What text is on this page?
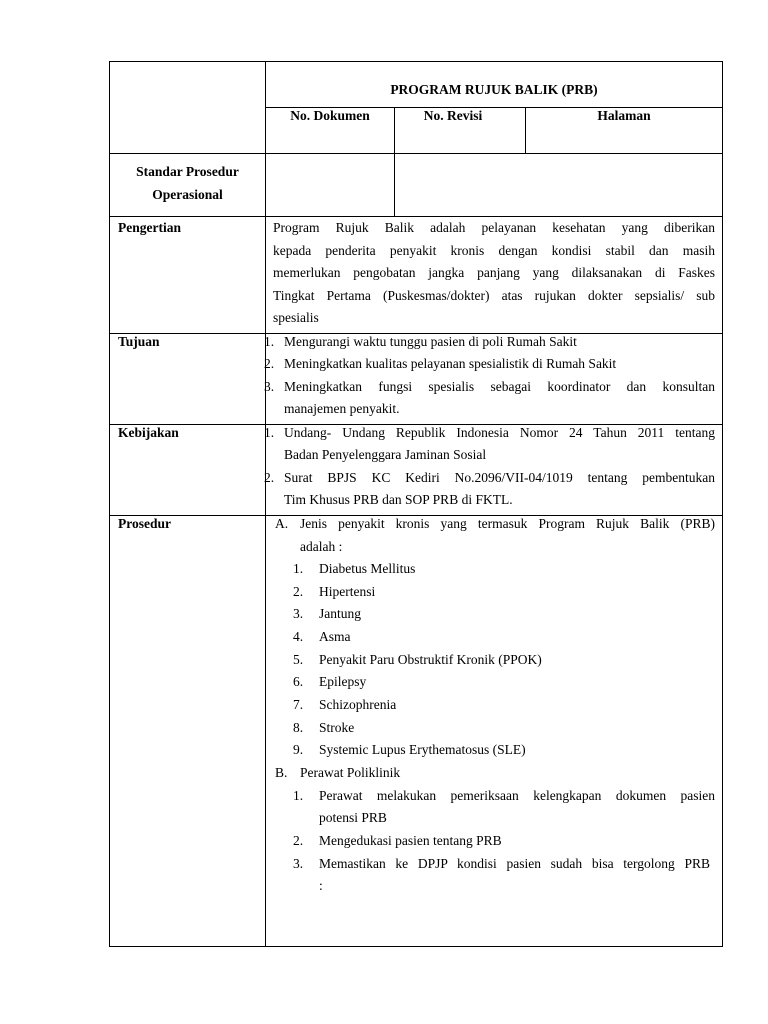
PROGRAM RUJUK BALIK (PRB)
No. Dokumen	No. Revisi	Halaman
Standar Prosedur
Operasional
Pengertian	Program Rujuk Balik adalah pelayanan kesehatan yang diberikan
kepada penderita penyakit kronis dengan kondisi stabil dan masih
memerlukan pengobatan jangka panjang yang dilaksanakan di Faskes
Tingkat Pertama (Puskesmas/dokter) atas rujukan dokter sepsialis/ sub
spesialis
Tujuan	1. Mengurangi waktu tunggu pasien di poli Rumah Sakit
2. Meningkatkan kualitas pelayanan spesialistik di Rumah Sakit
3. Meningkatkan fungsi spesialis sebagai koordinator dan konsultan
manajemen penyakit.
Kebijakan	1. Undang- Undang Republik Indonesia Nomor 24 Tahun 2011 tentang
Badan Penyelenggara Jaminan Sosial
2. Surat BPJS KC Kediri No.2096/VII-04/1019 tentang pembentukan
Tim Khusus PRB dan SOP PRB di FKTL.
Prosedur	A. Jenis penyakit kronis yang termasuk Program Rujuk Balik (PRB)
adalah :
1. Diabetus Mellitus
2. Hipertensi
3. Jantung
4. Asma
5. Penyakit Paru Obstruktif Kronik (PPOK)
6. Epilepsy
7. Schizophrenia
8. Stroke
9. Systemic Lupus Erythematosus (SLE)
B. Perawat Poliklinik
1. Perawat melakukan pemeriksaan kelengkapan dokumen pasien
potensi PRB
2. Mengedukasi pasien tentang PRB
3. Memastikan ke DPJP kondisi pasien sudah bisa tergolong PRB
:
